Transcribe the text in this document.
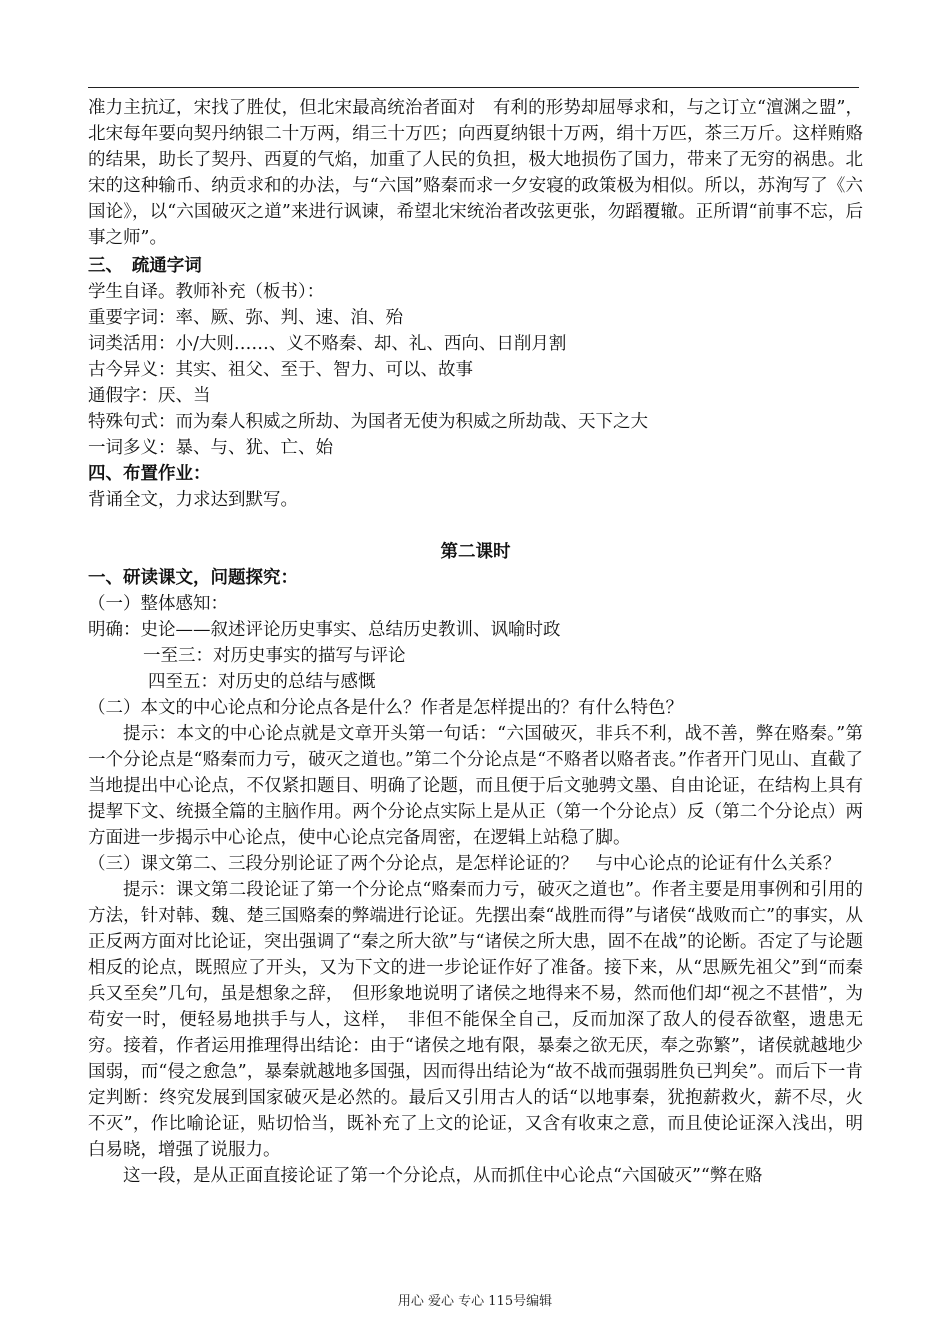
准力主抗辽，宋找了胜仗，但北宋最高统治者面对　有利的形势却屈辱求和，与之订立“澶渊之盟”，北宋每年要向契丹纳银二十万两，绢三十万匹；向西夏纳银十万两，绢十万匹，茶三万斤。这样贿赂的结果，助长了契丹、西夏的气焰，加重了人民的负担，极大地损伤了国力，带来了无穷的祸患。北宋的这种输币、纳贡求和的办法，与“六国”赂秦而求一夕安寝的政策极为相似。所以，苏洵写了《六国论》，以“六国破灭之道”来进行讽谏，希望北宋统治者改弦更张，勿蹈覆辙。正所谓“前事不忘，后事之师”。

三、　疏通字词

学生自译。教师补充（板书）：

重要字词：率、厥、弥、判、速、洎、殆

词类活用：小/大则……、义不赂秦、却、礼、西向、日削月割

古今异义：其实、祖父、至于、智力、可以、故事

通假字：厌、当

特殊句式：而为秦人积威之所劫、为国者无使为积威之所劫哉、天下之大

一词多义：暴、与、犹、亡、始

四、布置作业：

背诵全文，力求达到默写。

第二课时

一、研读课文，问题探究：

（一）整体感知：

明确：史论——叙述评论历史事实、总结历史教训、讽喻时政

一至三：对历史事实的描写与评论

四至五：对历史的总结与感慨

（二）本文的中心论点和分论点各是什么？作者是怎样提出的？有什么特色？

提示：本文的中心论点就是文章开头第一句话：“六国破灭，非兵不利，战不善，弊在赂秦。”第一个分论点是“赂秦而力亏，破灭之道也。”第二个分论点是“不赂者以赂者丧。”作者开门见山、直截了当地提出中心论点，不仅紧扣题目、明确了论题，而且便于后文驰骋文墨、自由论证，在结构上具有提挈下文、统摄全篇的主脑作用。两个分论点实际上是从正（第一个分论点）反（第二个分论点）两方面进一步揭示中心论点，使中心论点完备周密，在逻辑上站稳了脚。

（三）课文第二、三段分别论证了两个分论点，是怎样论证的？　与中心论点的论证有什么关系？

提示：课文第二段论证了第一个分论点“赂秦而力亏，破灭之道也”。作者主要是用事例和引用的方法，针对韩、魏、楚三国赂秦的弊端进行论证。先摆出秦“战胜而得”与诸侯“战败而亡”的事实，从正反两方面对比论证，突出强调了“秦之所大欲”与“诸侯之所大患，固不在战”的论断。否定了与论题相反的论点，既照应了开头，又为下文的进一步论证作好了准备。接下来，从“思厥先祖父”到“而秦兵又至矣”几句，虽是想象之辞，　但形象地说明了诸侯之地得来不易，然而他们却“视之不甚惜”，为苟安一时，便轻易地拱手与人，这样，　非但不能保全自己，反而加深了敌人的侵吞欲壑，遗患无穷。接着，作者运用推理得出结论：由于“诸侯之地有限，暴秦之欲无厌，奉之弥繁”，诸侯就越地少国弱，而“侵之愈急”，暴秦就越地多国强，因而得出结论为“故不战而强弱胜负已判矣”。而后下一肯定判断：终究发展到国家破灭是必然的。最后又引用古人的话“以地事秦，犹抱薪救火，薪不尽，火不灭”，作比喻论证，贴切恰当，既补充了上文的论证，又含有收束之意，而且使论证深入浅出，明白易晓，增强了说服力。

这一段，是从正面直接论证了第一个分论点，从而抓住中心论点“六国破灭”“弊在赂

用心 爱心 专心 115号编辑
